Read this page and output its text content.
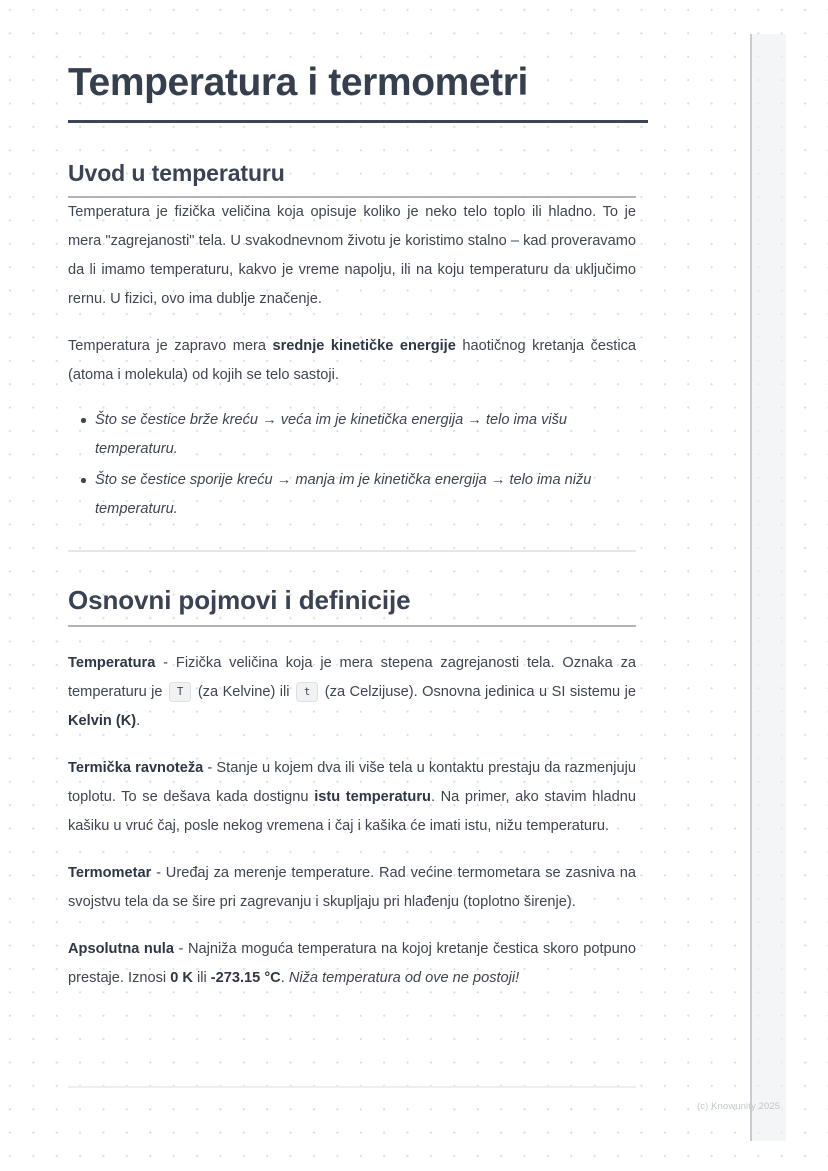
Temperatura i termometri
Uvod u temperaturu

Temperatura je fizička veličina koja opisuje koliko je neko telo toplo ili hladno. To je mera "zagrejanosti" tela. U svakodnevnom životu je koristimo stalno – kad proveravamo da li imamo temperaturu, kakvo je vreme napolju, ili na koju temperaturu da uključimo rernu. U fizici, ovo ima dublje značenje.

Temperatura je zapravo mera srednje kinetičke energije haotičnog kretanja čestica (atoma i molekula) od kojih se telo sastoji.

Što se čestice brže kreću → veća im je kinetička energija → telo ima višu temperaturu.
Što se čestice sporije kreću → manja im je kinetička energija → telo ima nižu temperaturu.
Osnovni pojmovi i definicije

Temperatura - Fizička veličina koja je mera stepena zagrejanosti tela. Oznaka za temperaturu je T (za Kelvine) ili t (za Celzijuse). Osnovna jedinica u SI sistemu je Kelvin (K).

Termička ravnoteža - Stanje u kojem dva ili više tela u kontaktu prestaju da razmenjuju toplotu. To se dešava kada dostignu istu temperaturu. Na primer, ako stavim hladnu kašiku u vruć čaj, posle nekog vremena i čaj i kašika će imati istu, nižu temperaturu.

Termometar - Uređaj za merenje temperature. Rad većine termometara se zasniva na svojstvu tela da se šire pri zagrevanju i skupljaju pri hlađenju (toplotno širenje).

Apsolutna nula - Najniža moguća temperatura na kojoj kretanje čestica skoro potpuno prestaje. Iznosi 0 K ili -273.15 °C. Niža temperatura od ove ne postoji!

(c) Knowunity 2025
